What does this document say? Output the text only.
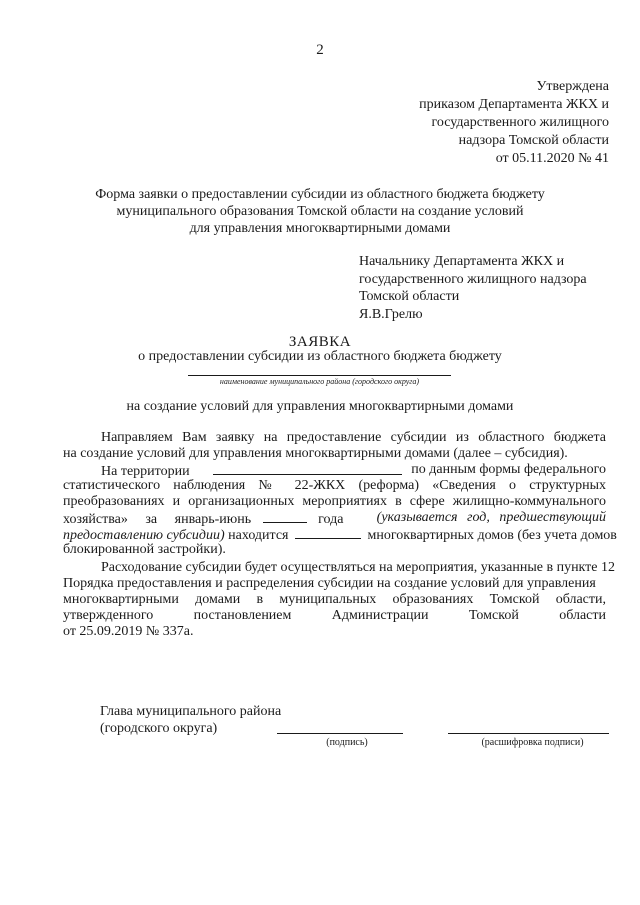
2
Утверждена
приказом Департамента ЖКХ и
государственного жилищного
надзора Томской области
от 05.11.2020 № 41
Форма заявки о предоставлении субсидии из областного бюджета бюджету
муниципального образования Томской области на создание условий
для управления многоквартирными домами
Начальнику Департамента ЖКХ и
государственного жилищного надзора
Томской области
Я.В.Грелю
ЗАЯВКА
о предоставлении субсидии из областного бюджета бюджету
наименование муниципального района (городского округа)
на создание условий для управления многоквартирными домами
Направляем Вам заявку на предоставление субсидии из областного бюджета
на создание условий для управления многоквартирными домами (далее – субсидия).
На территории	по данным формы федерального
статистического наблюдения № 22-ЖКХ (реформа) «Сведения о структурных
преобразованиях и организационных мероприятиях в сфере жилищно-коммунального
хозяйства» за январь-июнь	года (указывается год, предшествующий
предоставлению субсидии) находится	многоквартирных домов (без учета домов
блокированной застройки).
Расходование субсидии будет осуществляться на мероприятия, указанные в пункте 12
Порядка предоставления и распределения субсидии на создание условий для управления
многоквартирными домами в муниципальных образованиях Томской области,
утвержденного постановлением Администрации Томской области
от 25.09.2019 № 337а.
Глава муниципального района
(городского округа)
(подпись)	(расшифровка подписи)
